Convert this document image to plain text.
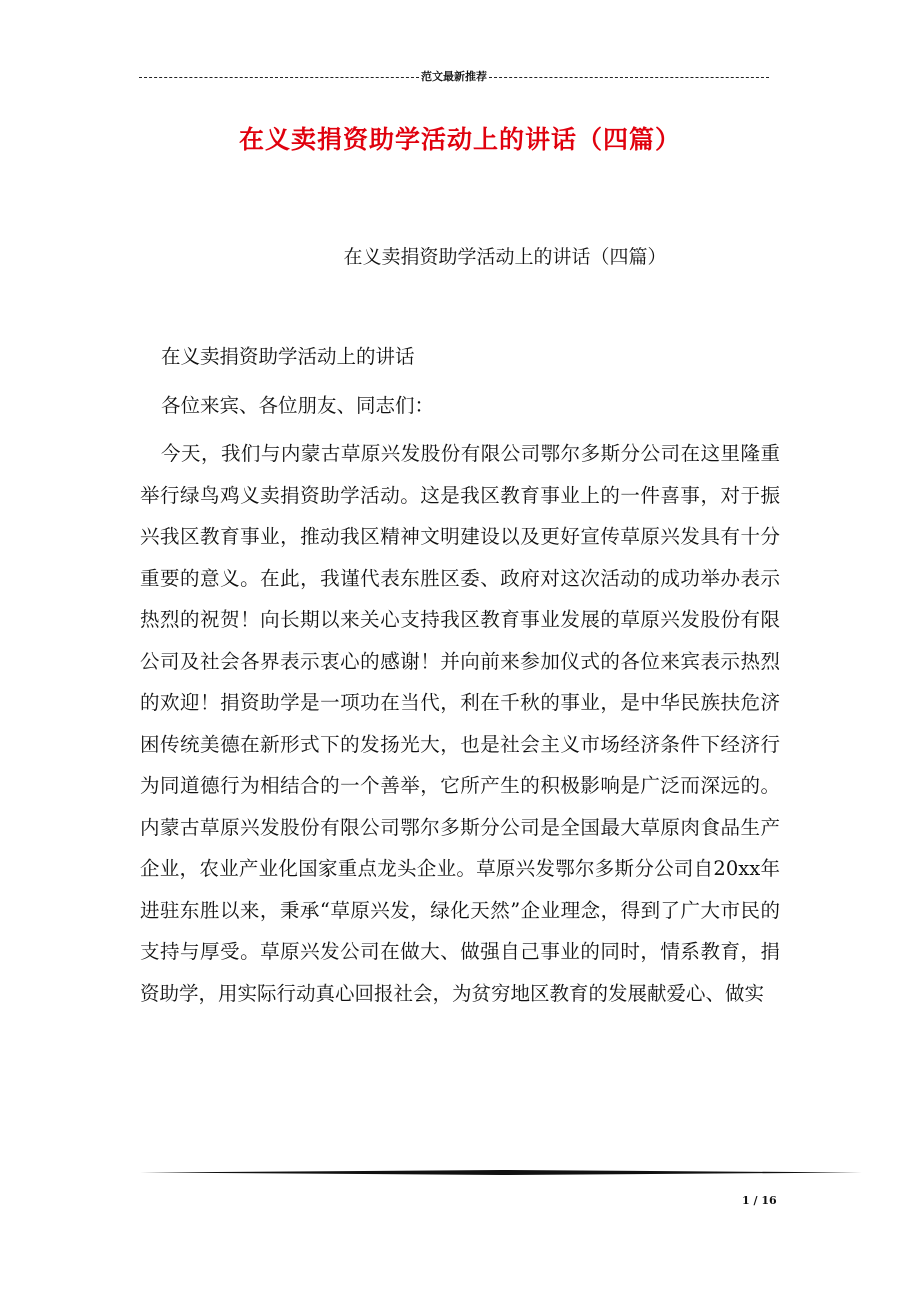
范文最新推荐
在义卖捐资助学活动上的讲话（四篇）
在义卖捐资助学活动上的讲话（四篇）

在义卖捐资助学活动上的讲话

各位来宾、各位朋友、同志们：

今天，我们与内蒙古草原兴发股份有限公司鄂尔多斯分公司在这里隆重举行绿鸟鸡义卖捐资助学活动。这是我区教育事业上的一件喜事，对于振兴我区教育事业，推动我区精神文明建设以及更好宣传草原兴发具有十分重要的意义。在此，我谨代表东胜区委、政府对这次活动的成功举办表示热烈的祝贺！向长期以来关心支持我区教育事业发展的草原兴发股份有限公司及社会各界表示衷心的感谢！并向前来参加仪式的各位来宾表示热烈的欢迎！捐资助学是一项功在当代，利在千秋的事业，是中华民族扶危济困传统美德在新形式下的发扬光大，也是社会主义市场经济条件下经济行为同道德行为相结合的一个善举，它所产生的积极影响是广泛而深远的。内蒙古草原兴发股份有限公司鄂尔多斯分公司是全国最大草原肉食品生产企业，农业产业化国家重点龙头企业。草原兴发鄂尔多斯分公司自20xx年进驻东胜以来，秉承“草原兴发，绿化天然”企业理念，得到了广大市民的支持与厚受。草原兴发公司在做大、做强自己事业的同时，情系教育，捐资助学，用实际行动真心回报社会，为贫穷地区教育的发展献爱心、做实

1 / 16
